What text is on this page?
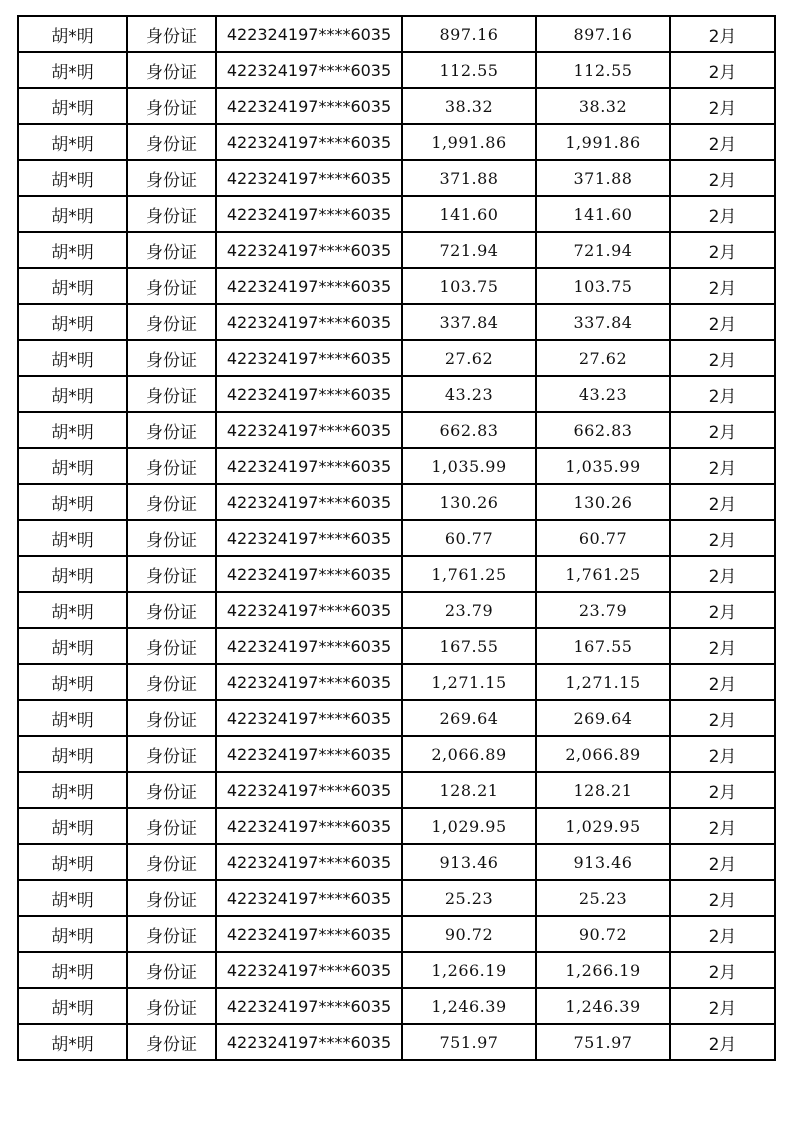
胡*明	身份证	422324197****6035	897.16	897.16	2月
胡*明	身份证	422324197****6035	112.55	112.55	2月
胡*明	身份证	422324197****6035	38.32	38.32	2月
胡*明	身份证	422324197****6035	1,991.86	1,991.86	2月
胡*明	身份证	422324197****6035	371.88	371.88	2月
胡*明	身份证	422324197****6035	141.60	141.60	2月
胡*明	身份证	422324197****6035	721.94	721.94	2月
胡*明	身份证	422324197****6035	103.75	103.75	2月
胡*明	身份证	422324197****6035	337.84	337.84	2月
胡*明	身份证	422324197****6035	27.62	27.62	2月
胡*明	身份证	422324197****6035	43.23	43.23	2月
胡*明	身份证	422324197****6035	662.83	662.83	2月
胡*明	身份证	422324197****6035	1,035.99	1,035.99	2月
胡*明	身份证	422324197****6035	130.26	130.26	2月
胡*明	身份证	422324197****6035	60.77	60.77	2月
胡*明	身份证	422324197****6035	1,761.25	1,761.25	2月
胡*明	身份证	422324197****6035	23.79	23.79	2月
胡*明	身份证	422324197****6035	167.55	167.55	2月
胡*明	身份证	422324197****6035	1,271.15	1,271.15	2月
胡*明	身份证	422324197****6035	269.64	269.64	2月
胡*明	身份证	422324197****6035	2,066.89	2,066.89	2月
胡*明	身份证	422324197****6035	128.21	128.21	2月
胡*明	身份证	422324197****6035	1,029.95	1,029.95	2月
胡*明	身份证	422324197****6035	913.46	913.46	2月
胡*明	身份证	422324197****6035	25.23	25.23	2月
胡*明	身份证	422324197****6035	90.72	90.72	2月
胡*明	身份证	422324197****6035	1,266.19	1,266.19	2月
胡*明	身份证	422324197****6035	1,246.39	1,246.39	2月
胡*明	身份证	422324197****6035	751.97	751.97	2月
